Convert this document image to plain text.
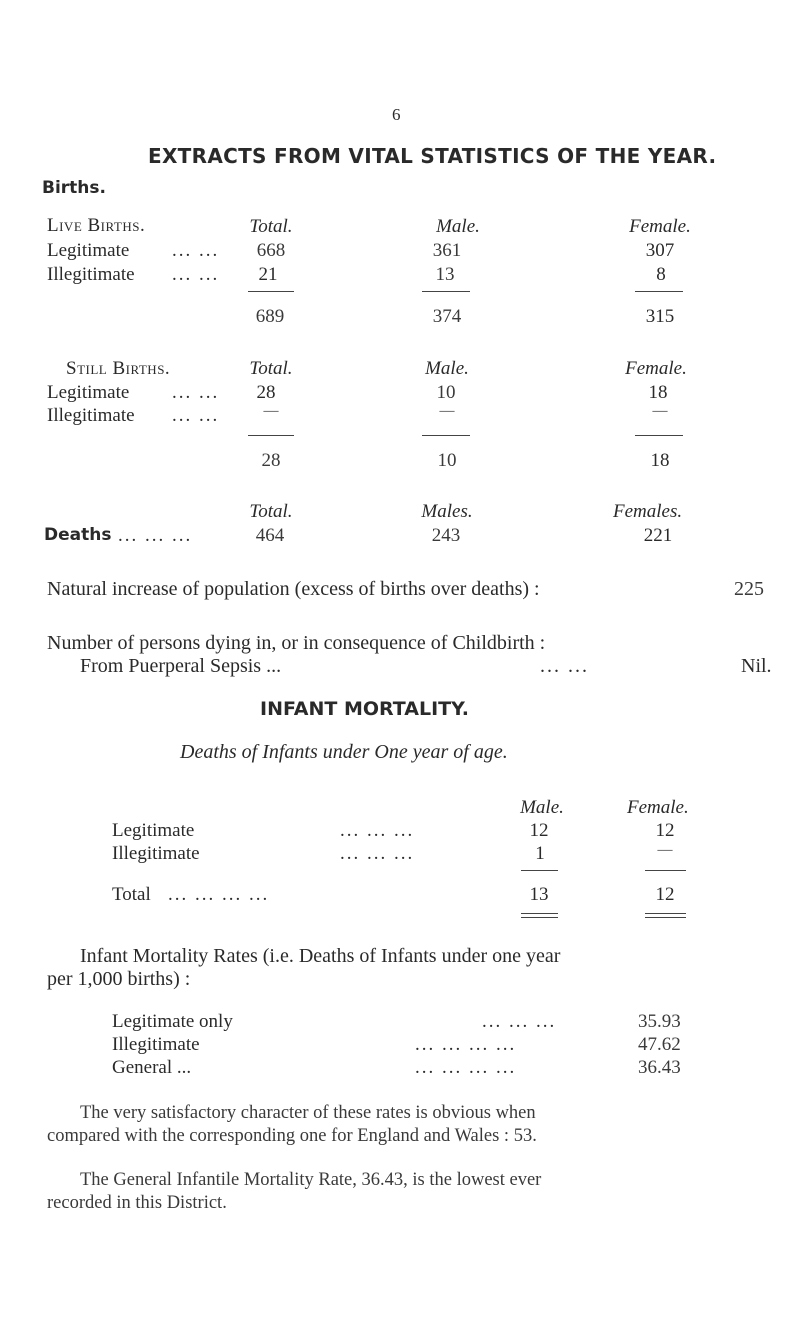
6
EXTRACTS FROM VITAL STATISTICS OF THE YEAR.
Births.
Live Births.	Total.	Male.	Female.
Legitimate ... ...	668	361	307
Illegitimate ... ...	21	13	8
689	374	315
Still Births.	Total.	Male.	Female.
Legitimate ... ...	28	10	18
Illegitimate ... ...	—	—	—
28	10	18
Total.	Males.	Females.
Deaths ... ... ...	464	243	221
Natural increase of population (excess of births over deaths) :	225
Number of persons dying in, or in consequence of Childbirth :
From Puerperal Sepsis ...	... ...	Nil.
INFANT MORTALITY.
Deaths of Infants under One year of age.
Male.	Female.
Legitimate	... ... ...	12	12
Illegitimate	... ... ...	1	—
Total ... ... ... ...	13	12
Infant Mortality Rates (i.e. Deaths of Infants under one year
per 1,000 births) :
Legitimate only	... ... ...	35.93
Illegitimate	... ... ... ...	47.62
General ...	... ... ... ...	36.43
The very satisfactory character of these rates is obvious when
compared with the corresponding one for England and Wales : 53.
The General Infantile Mortality Rate, 36.43, is the lowest ever
recorded in this District.
